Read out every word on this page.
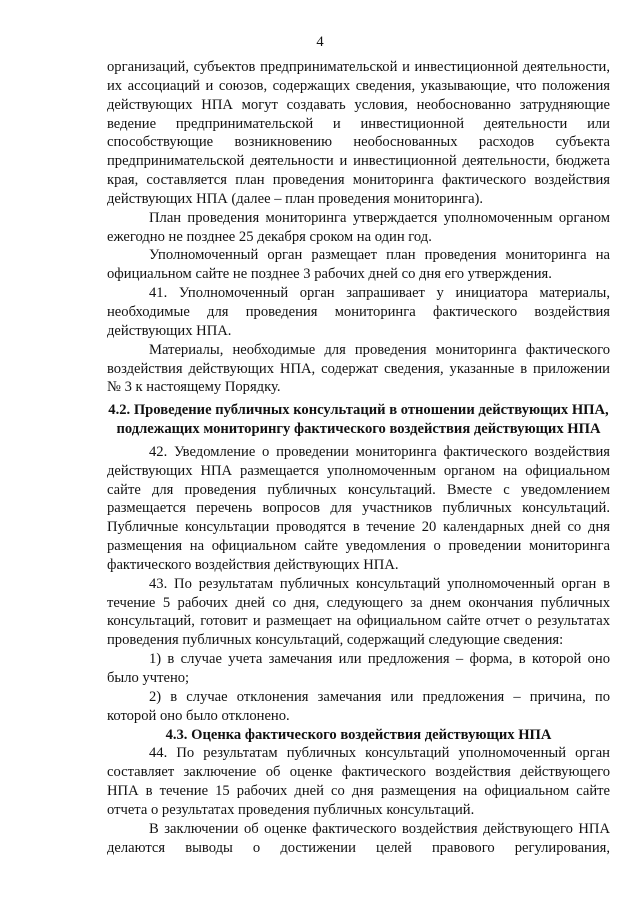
4

организаций, субъектов предпринимательской и инвестиционной деятельности, их ассоциаций и союзов, содержащих сведения, указывающие, что положения действующих НПА могут создавать условия, необоснованно затрудняющие ведение предпринимательской и инвестиционной деятельности или способствующие возникновению необоснованных расходов субъекта предпринимательской деятельности и инвестиционной деятельности, бюджета края, составляется план проведения мониторинга фактического воздействия действующих НПА (далее – план проведения мониторинга).

План проведения мониторинга утверждается уполномоченным органом ежегодно не позднее 25 декабря сроком на один год.

Уполномоченный орган размещает план проведения мониторинга на официальном сайте не позднее 3 рабочих дней со дня его утверждения.

41. Уполномоченный орган запрашивает у инициатора материалы, необходимые для проведения мониторинга фактического воздействия действующих НПА.

Материалы, необходимые для проведения мониторинга фактического воздействия действующих НПА, содержат сведения, указанные в приложении № 3 к настоящему Порядку.

4.2. Проведение публичных консультаций в отношении действующих НПА, подлежащих мониторингу фактического воздействия действующих НПА

42. Уведомление о проведении мониторинга фактического воздействия действующих НПА размещается уполномоченным органом на официальном сайте для проведения публичных консультаций. Вместе с уведомлением размещается перечень вопросов для участников публичных консультаций. Публичные консультации проводятся в течение 20 календарных дней со дня размещения на официальном сайте уведомления о проведении мониторинга фактического воздействия действующих НПА.

43. По результатам публичных консультаций уполномоченный орган в течение 5 рабочих дней со дня, следующего за днем окончания публичных консультаций, готовит и размещает на официальном сайте отчет о результатах проведения публичных консультаций, содержащий следующие сведения:

1) в случае учета замечания или предложения – форма, в которой оно было учтено;

2) в случае отклонения замечания или предложения – причина, по которой оно было отклонено.

4.3. Оценка фактического воздействия действующих НПА

44. По результатам публичных консультаций уполномоченный орган составляет заключение об оценке фактического воздействия действующего НПА в течение 15 рабочих дней со дня размещения на официальном сайте отчета о результатах проведения публичных консультаций.

В заключении об оценке фактического воздействия действующего НПА делаются выводы о достижении целей правового регулирования,
